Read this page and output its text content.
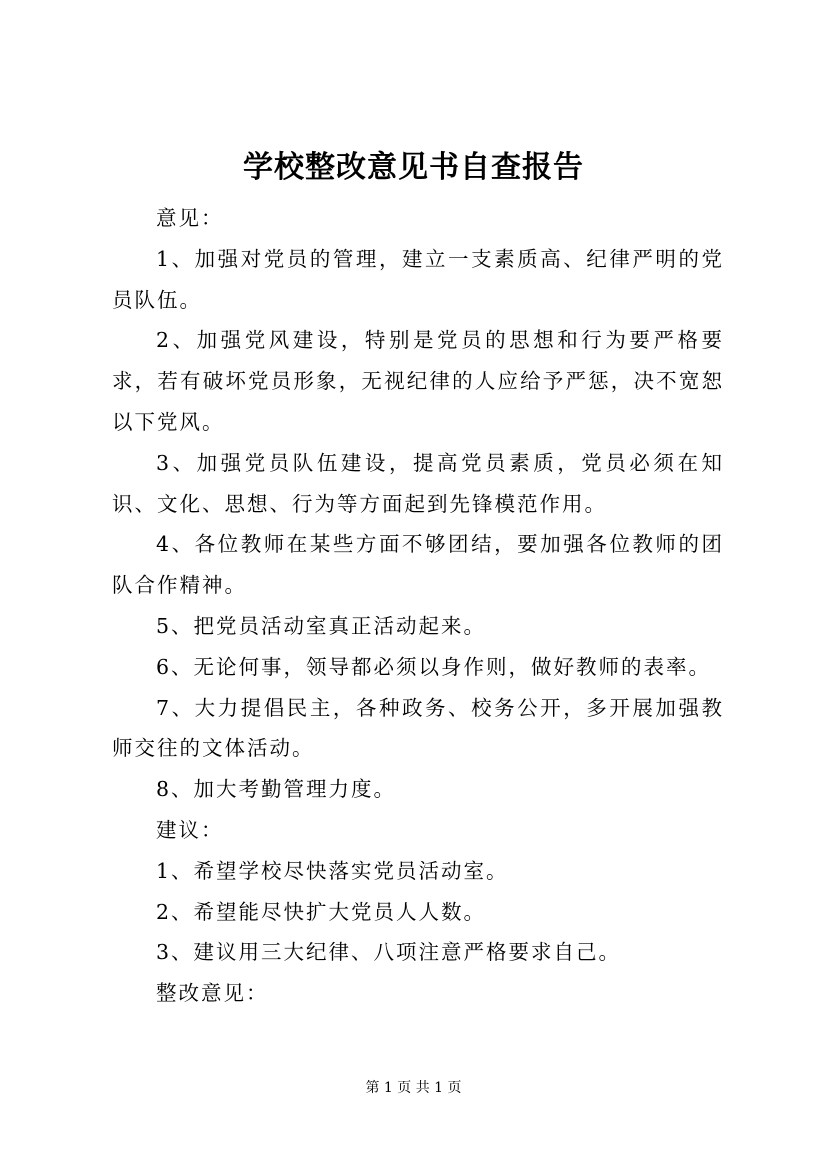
学校整改意见书自查报告

意见：

1、加强对党员的管理，建立一支素质高、纪律严明的党员队伍。

2、加强党风建设，特别是党员的思想和行为要严格要求，若有破坏党员形象，无视纪律的人应给予严惩，决不宽恕以下党风。

3、加强党员队伍建设，提高党员素质，党员必须在知识、文化、思想、行为等方面起到先锋模范作用。

4、各位教师在某些方面不够团结，要加强各位教师的团队合作精神。

5、把党员活动室真正活动起来。

6、无论何事，领导都必须以身作则，做好教师的表率。

7、大力提倡民主，各种政务、校务公开，多开展加强教师交往的文体活动。

8、加大考勤管理力度。

建议：

1、希望学校尽快落实党员活动室。

2、希望能尽快扩大党员人人数。

3、建议用三大纪律、八项注意严格要求自己。

整改意见：

第 1 页 共 1 页
